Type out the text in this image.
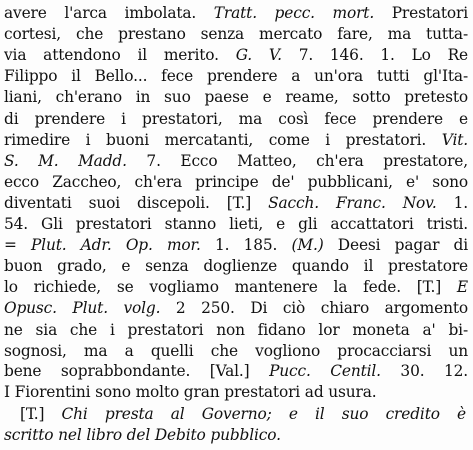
avere l'arca imbolata. Tratt. pecc. mort. Prestatori
cortesi, che prestano senza mercato fare, ma tutta-
via attendono il merito. G. V. 7. 146. 1. Lo Re
Filippo il Bello... fece prendere a un'ora tutti gl'Ita-
liani, ch'erano in suo paese e reame, sotto pretesto
di prendere i prestatori, ma così fece prendere e
rimedire i buoni mercatanti, come i prestatori. Vit.
S. M. Madd. 7. Ecco Matteo, ch'era prestatore,
ecco Zaccheo, ch'era principe de' pubblicani, e' sono
diventati suoi discepoli. [T.] Sacch. Franc. Nov. 1.
54. Gli prestatori stanno lieti, e gli accattatori tristi.
= Plut. Adr. Op. mor. 1. 185. (M.) Deesi pagar di
buon grado, e senza doglienze quando il prestatore
lo richiede, se vogliamo mantenere la fede. [T.] E
Opusc. Plut. volg. 2 250. Di ciò chiaro argomento
ne sia che i prestatori non fidano lor moneta a' bi-
sognosi, ma a quelli che vogliono procacciarsi un
bene soprabbondante. [Val.] Pucc. Centil. 30. 12.
I Fiorentini sono molto gran prestatori ad usura.
[T.] Chi presta al Governo; e il suo credito è
scritto nel libro del Debito pubblico.
